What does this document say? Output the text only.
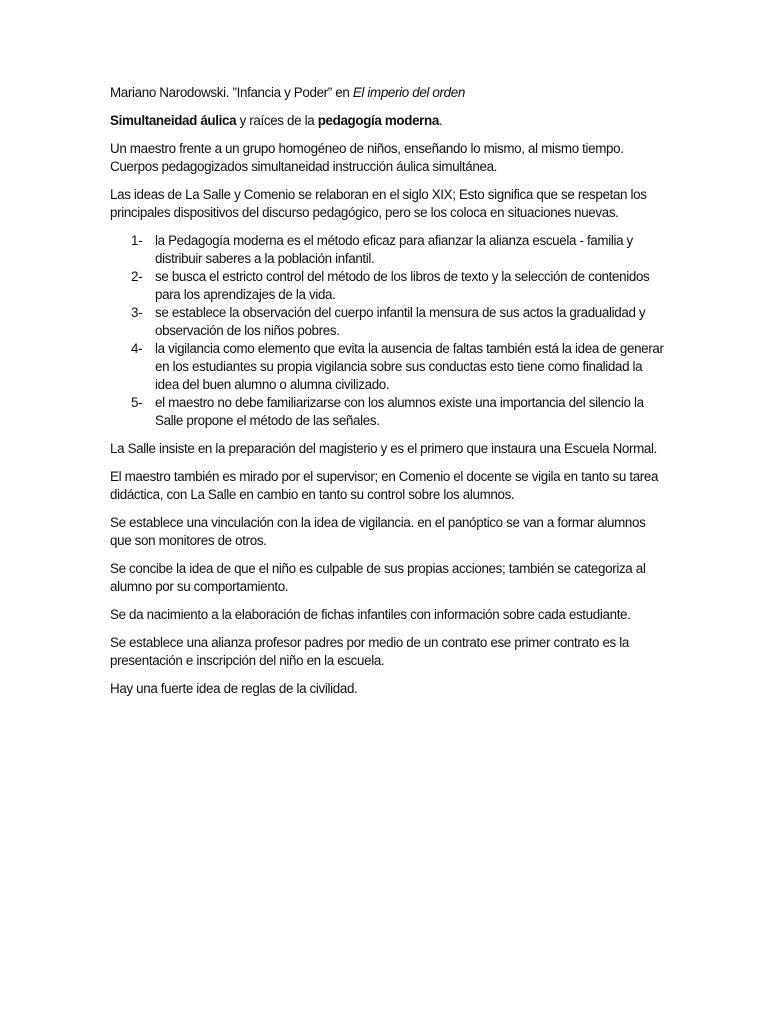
Mariano Narodowski. ”Infancia y Poder” en El imperio del orden

Simultaneidad áulica y raíces de la pedagogía moderna.

Un maestro frente a un grupo homogéneo de niños, enseñando lo mismo, al mismo tiempo. Cuerpos pedagogizados simultaneidad instrucción áulica simultánea.

Las ideas de La Salle y Comenio se relaboran en el siglo XIX; Esto significa que se respetan los principales dispositivos del discurso pedagógico, pero se los coloca en situaciones nuevas.

1- la Pedagogía moderna es el método eficaz para afianzar la alianza escuela - familia y distribuir saberes a la población infantil.
2- se busca el estricto control del método de los libros de texto y la selección de contenidos para los aprendizajes de la vida.
3- se establece la observación del cuerpo infantil la mensura de sus actos la gradualidad y observación de los niños pobres.
4- la vigilancia como elemento que evita la ausencia de faltas también está la idea de generar en los estudiantes su propia vigilancia sobre sus conductas esto tiene como finalidad la idea del buen alumno o alumna civilizado.
5- el maestro no debe familiarizarse con los alumnos existe una importancia del silencio la Salle propone el método de las señales.

La Salle insiste en la preparación del magisterio y es el primero que instaura una Escuela Normal.

El maestro también es mirado por el supervisor; en Comenio el docente se vigila en tanto su tarea didáctica, con La Salle en cambio en tanto su control sobre los alumnos.

Se establece una vinculación con la idea de vigilancia. en el panóptico se van a formar alumnos que son monitores de otros.

Se concibe la idea de que el niño es culpable de sus propias acciones; también se categoriza al alumno por su comportamiento.

Se da nacimiento a la elaboración de fichas infantiles con información sobre cada estudiante.

Se establece una alianza profesor padres por medio de un contrato ese primer contrato es la presentación e inscripción del niño en la escuela.

Hay una fuerte idea de reglas de la civilidad.
